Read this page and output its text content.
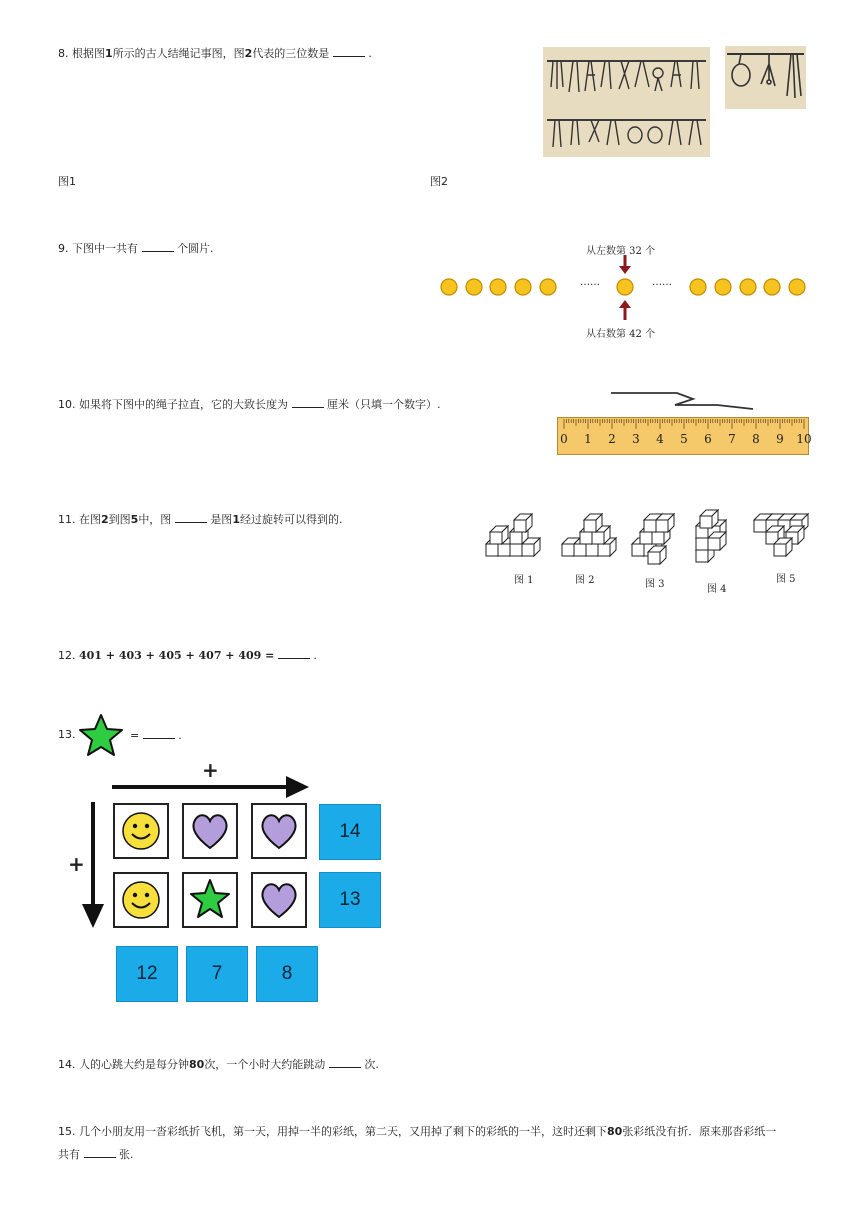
8. 根据图1所示的古人结绳记事图，图2代表的三位数是	.
图1	图2
9. 下图中一共有	个圆片.	从左数第 32 个
……	……
从右数第 42 个
10. 如果将下图中的绳子拉直，它的大致长度为	厘米（只填一个数字）.
0 1 2 3 4 5 6 7 8 9 10
11. 在图2到图5中，图	是图1经过旋转可以得到的.
图 1	图 2	图 3	图 4
图 5
12. 401 + 403 + 405 + 407 + 409 =	.
13.	=	.
+
+
14
13
12	7	8
14. 人的心跳大约是每分钟80次，一个小时大约能跳动	次.
15. 几个小朋友用一沓彩纸折飞机，第一天，用掉一半的彩纸，第二天，又用掉了剩下的彩纸的一半，这时还剩下80张彩纸没有折．原来那沓彩纸一
共有	张.
